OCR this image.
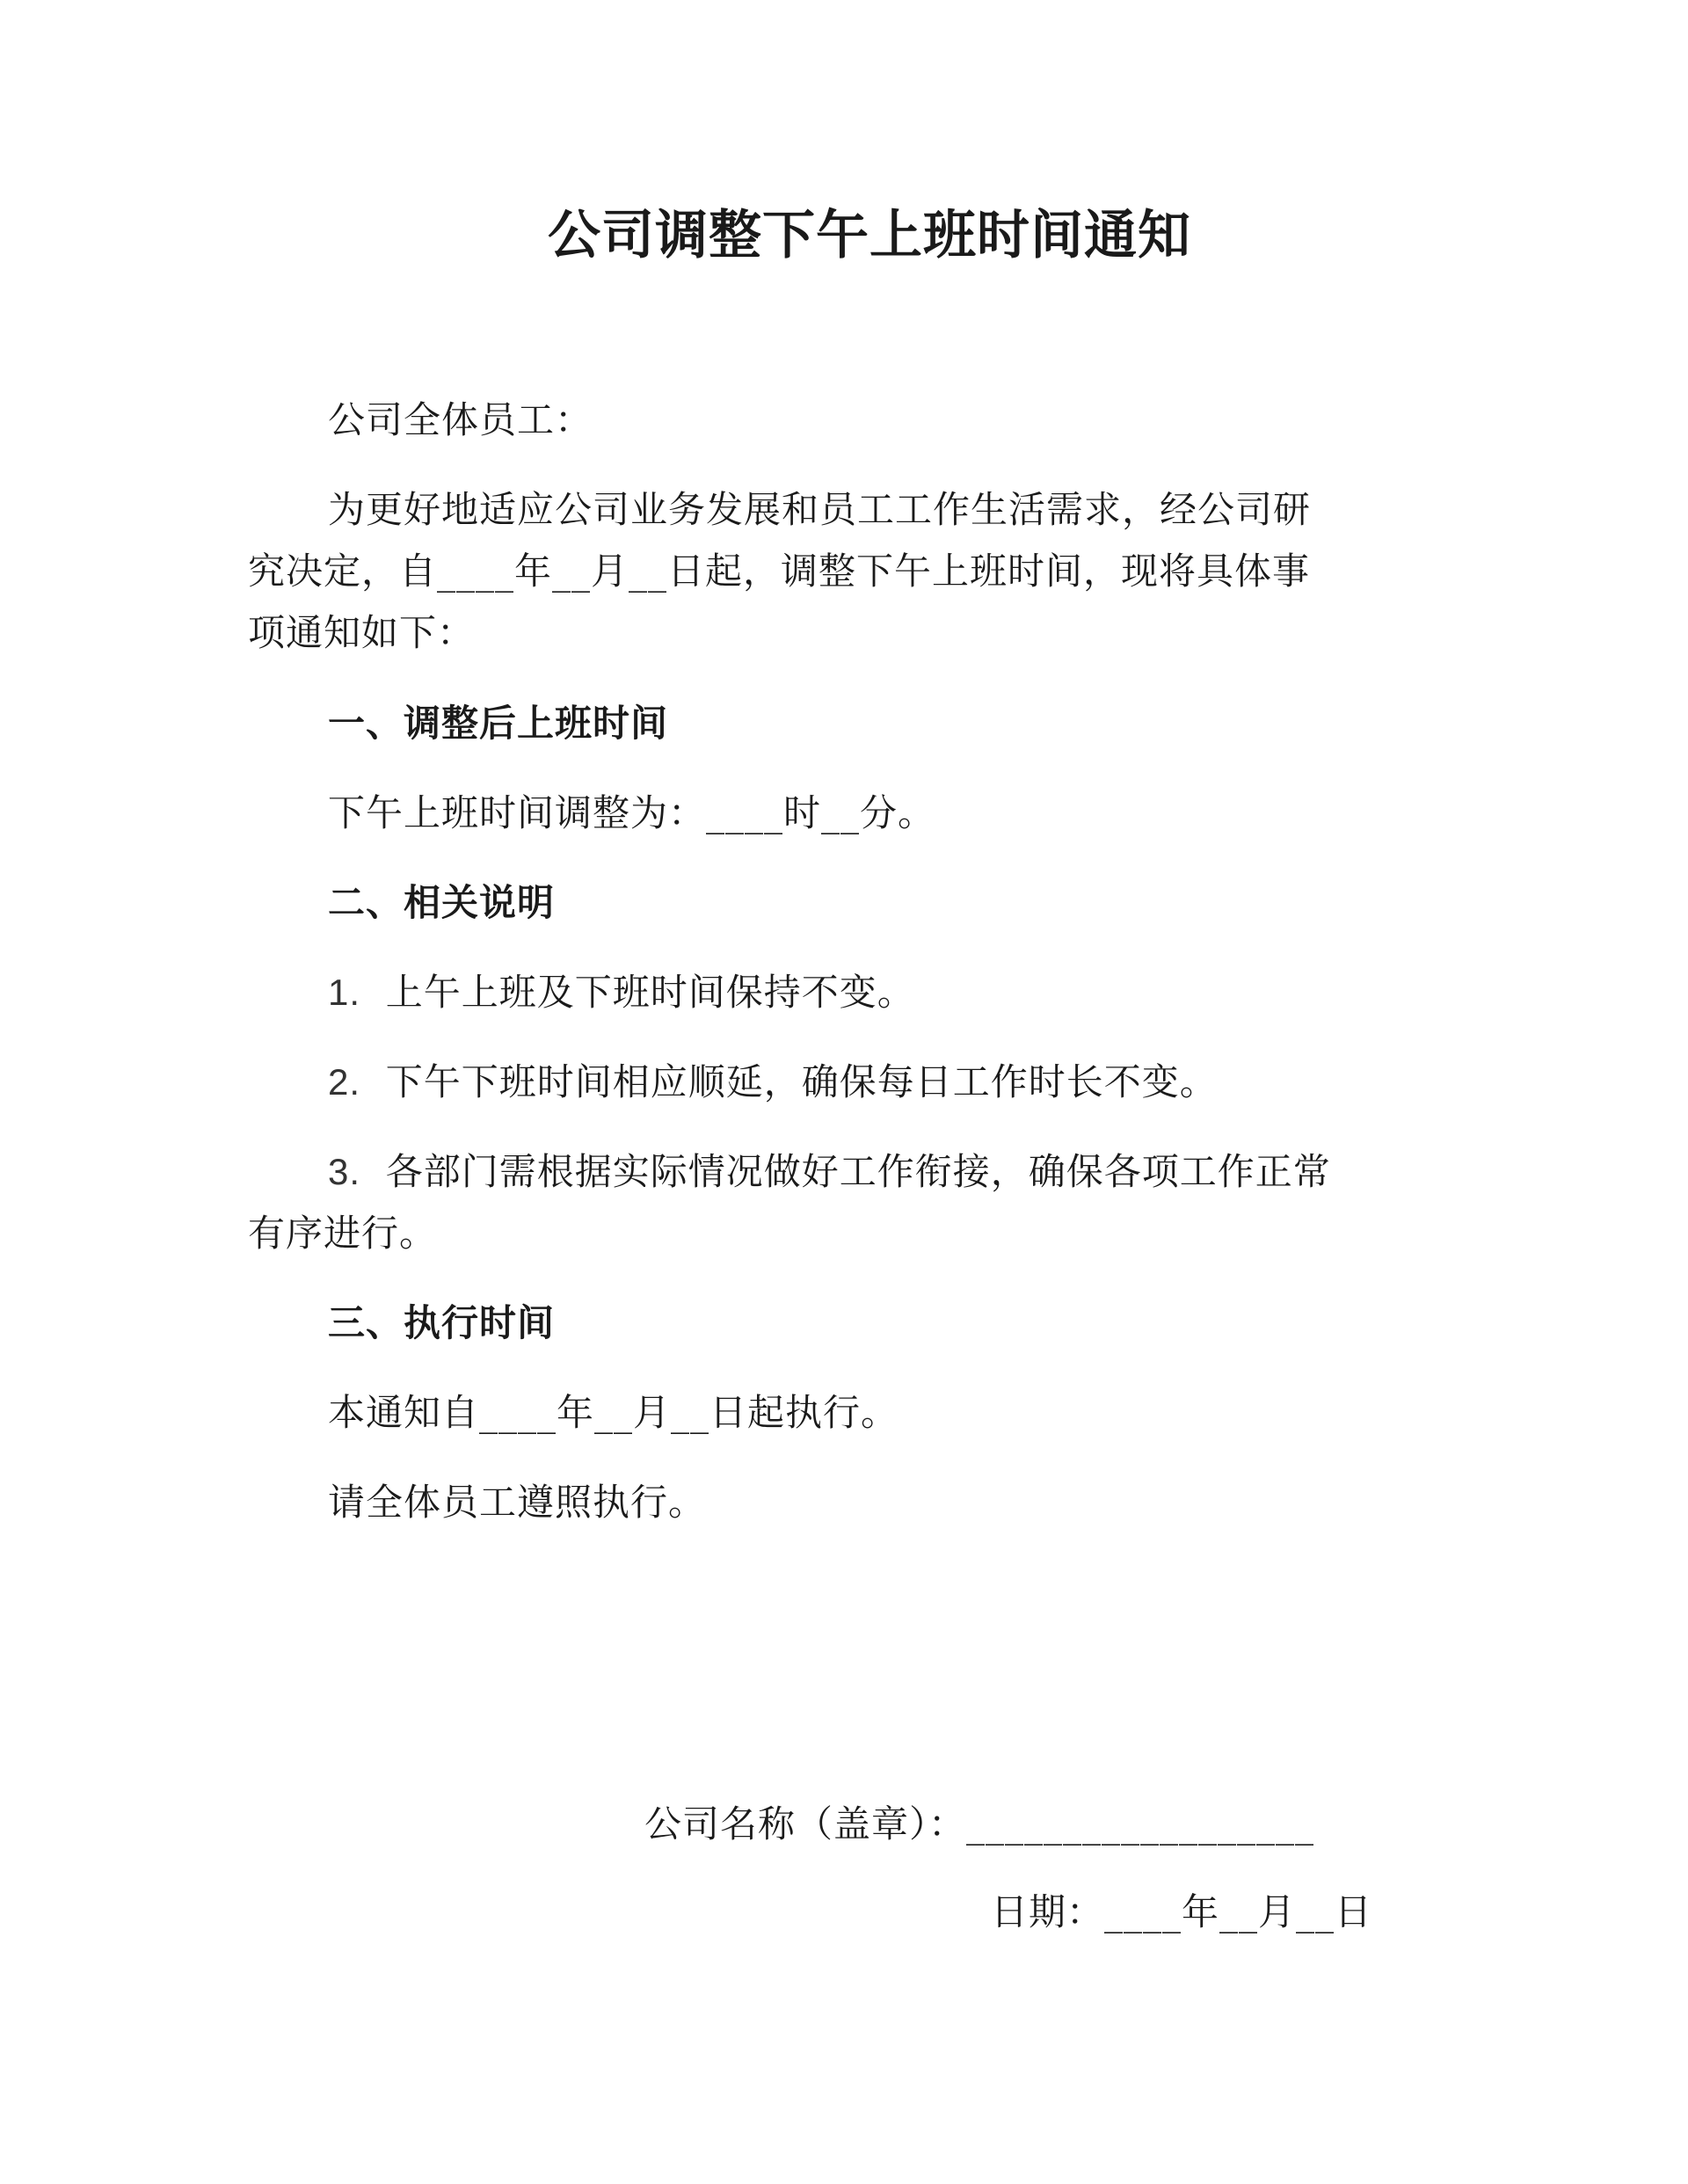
公司调整下午上班时间通知
公司全体员工：
为更好地适应公司业务发展和员工工作生活需求，经公司研
究决定，自____年__月__日起，调整下午上班时间，现将具体事
项通知如下：
一、调整后上班时间
下午上班时间调整为：____时__分。
二、相关说明
1. 上午上班及下班时间保持不变。
2. 下午下班时间相应顺延，确保每日工作时长不变。
3. 各部门需根据实际情况做好工作衔接，确保各项工作正常
有序进行。
三、执行时间
本通知自____年__月__日起执行。
请全体员工遵照执行。
公司名称（盖章）：__________________
日期：____年__月__日
